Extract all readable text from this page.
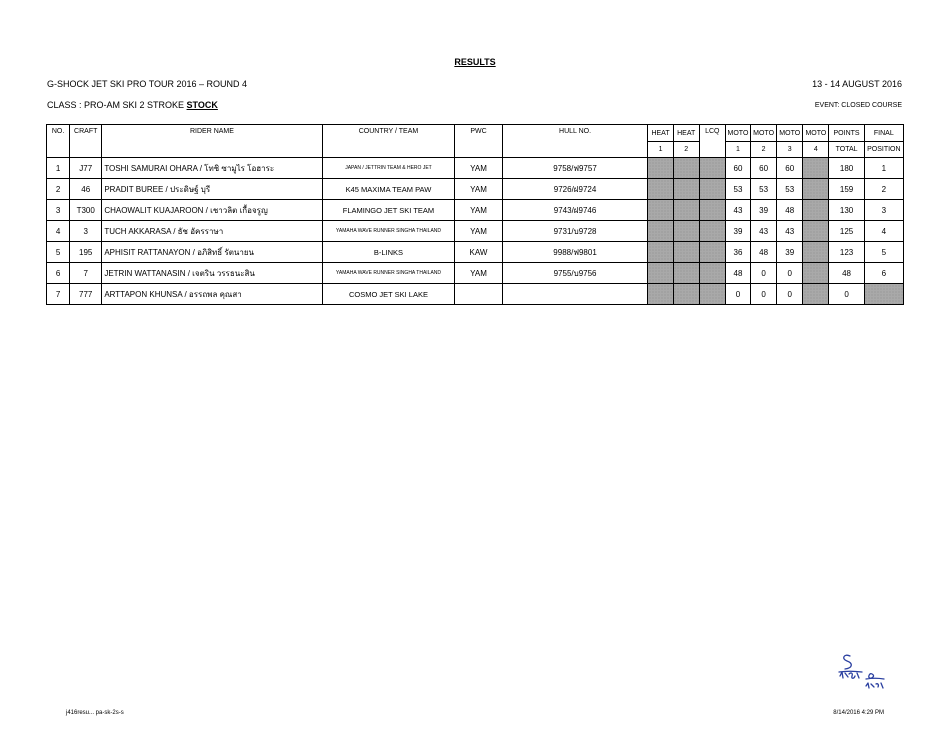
RESULTS
G-SHOCK JET SKI PRO TOUR 2016 – ROUND 4	13 - 14 AUGUST 2016
CLASS : PRO-AM SKI 2 STROKE STOCK	EVENT: CLOSED COURSE
NO.	CRAFT	RIDER NAME	COUNTRY / TEAM	PWC	HULL NO.	HEAT	HEAT	LCQ	MOTO	MOTO	MOTO	MOTO	POINTS	FINAL
						1	2		1	2	3	4	TOTAL	POSITION
1	J77	TOSHI SAMURAI OHARA / โทชิ ซามูไร โอฮาระ	JAPAN / JETTRIN TEAM & HERO JET	YAM	9758/ฟ9757				60	60	60		180	1
2	46	PRADIT BUREE / ประดิษฐ์ บุรี	K45 MAXIMA TEAM PAW	YAM	9726/ฝ9724				53	53	53		159	2
3	T300	CHAOWALIT KUAJAROON / เชาวลิต เกื้อจรูญ	FLAMINGO JET SKI TEAM	YAM	9743/ฝ9746				43	39	48		130	3
4	3	TUCH AKKARASA / ธัช อัครราษา	YAMAHA WAVE RUNNER SINGHA THAILAND	YAM	9731/บ9728				39	43	43		125	4
5	195	APHISIT RATTANAYON / อภิสิทธิ์ รัตนายน	B-LINKS	KAW	9988/ฟ9801				36	48	39		123	5
6	7	JETRIN WATTANASIN / เจตริน วรรธนะสิน	YAMAHA WAVE RUNNER SINGHA THAILAND	YAM	9755/บ9756				48	0	0		48	6
7	777	ARTTAPON KHUNSA / อรรถพล คุณสา	COSMO JET SKI LAKE						0	0	0		0	
j416resu... pa-sk-2s-s	8/14/2016 4:29 PM
